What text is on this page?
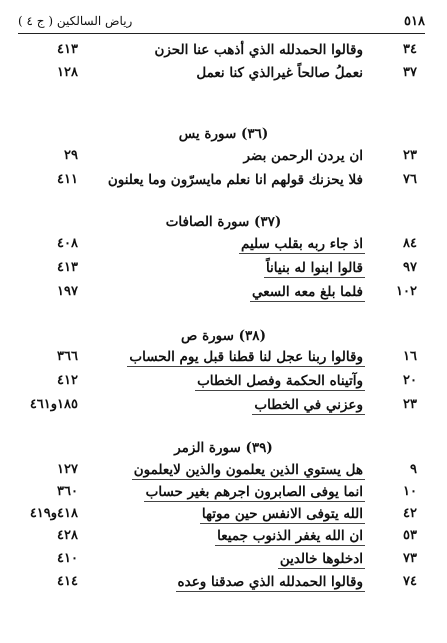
٥١٨
رياض السالكين ( ج ٤ )
٣٤
وقالوا الحمدلله الذي أذهب عنا الحزن
٤١٣
٣٧
نعملُ صالحاً غيرالذي كنا نعمل
١٢٨
(٣٦) سورة يس
٢٣
ان يردن الرحمن بضر
٢٩
٧٦
فلا يحزنك قولهم انا نعلم مايسرّون وما يعلنون
٤١١
(٣٧) سورة الصافات
٨٤
اذ جاء ربه بقلب سليم
٤٠٨
٩٧
قالوا ابنوا له بنياناً
٤١٣
١٠٢
فلما بلغ معه السعي
١٩٧
(٣٨) سورة ص
١٦
وقالوا ربنا عجل لنا قطنا قبل يوم الحساب
٣٦٦
٢٠
وآتيناه الحكمة وفصل الخطاب
٤١٢
٢٣
وعزني في الخطاب
١٨٥و٤٦١
(٣٩) سورة الزمر
٩
هل يستوي الذين يعلمون والذين لايعلمون
١٢٧
١٠
انما يوفى الصابرون اجرهم بغير حساب
٣٦٠
٤٢
الله يتوفى الانفس حين موتها
٤١٨و٤١٩
٥٣
ان الله يغفر الذنوب جميعا
٤٢٨
٧٣
ادخلوها خالدين
٤١٠
٧٤
وقالوا الحمدلله الذي صدقنا وعده
٤١٤
